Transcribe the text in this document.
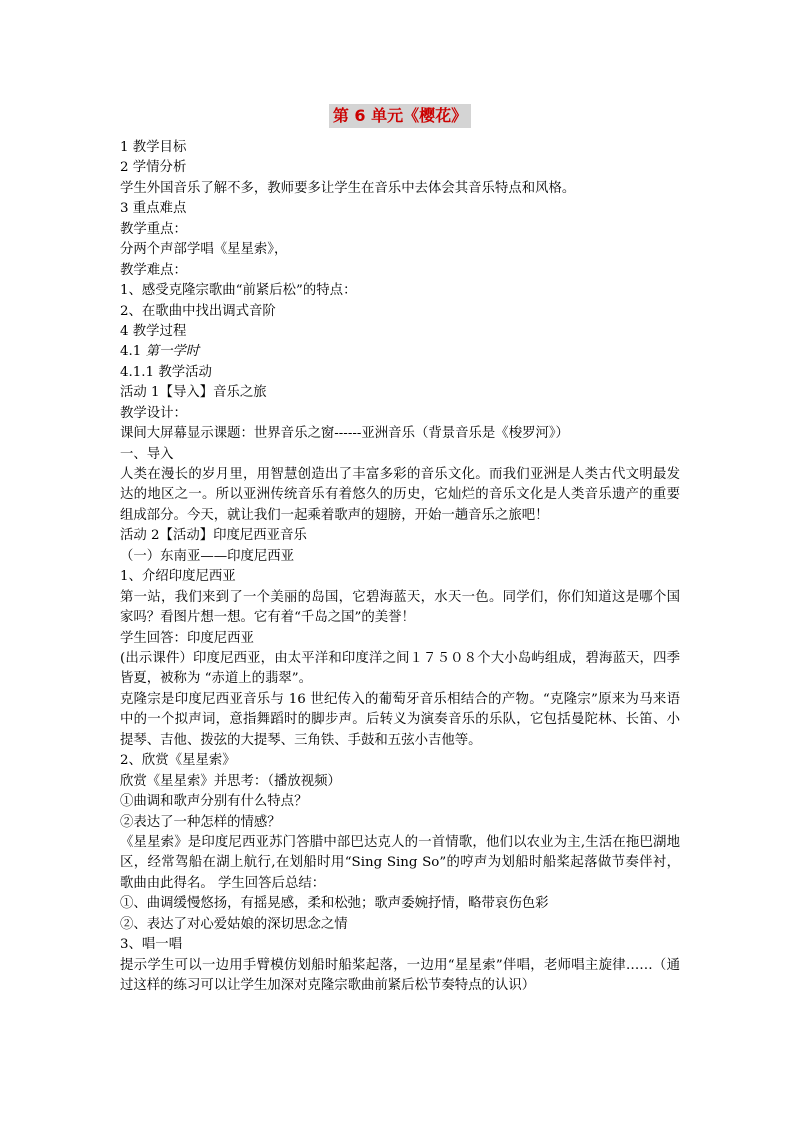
第 6 单元《樱花》
1 教学目标
2 学情分析
学生外国音乐了解不多，教师要多让学生在音乐中去体会其音乐特点和风格。
3 重点难点
教学重点：
分两个声部学唱《星星索》，
教学难点：
1、感受克隆宗歌曲“前紧后松”的特点：
2、在歌曲中找出调式音阶
4 教学过程
4.1 第一学时
4.1.1 教学活动
活动 1【导入】音乐之旅
教学设计：
课间大屏幕显示课题：世界音乐之窗------亚洲音乐（背景音乐是《梭罗河》）
一、导入
人类在漫长的岁月里，用智慧创造出了丰富多彩的音乐文化。而我们亚洲是人类古代文明最发达的地区之一。所以亚洲传统音乐有着悠久的历史，它灿烂的音乐文化是人类音乐遗产的重要组成部分。今天，就让我们一起乘着歌声的翅膀，开始一趟音乐之旅吧！
活动 2【活动】印度尼西亚音乐
（一）东南亚——印度尼西亚
1、介绍印度尼西亚
第一站，我们来到了一个美丽的岛国，它碧海蓝天，水天一色。同学们，你们知道这是哪个国家吗？看图片想一想。它有着“千岛之国”的美誉！
学生回答：印度尼西亚
(出示课件）印度尼西亚，由太平洋和印度洋之间１７５０８个大小岛屿组成，碧海蓝天，四季皆夏，被称为 “赤道上的翡翠”。
克隆宗是印度尼西亚音乐与 16 世纪传入的葡萄牙音乐相结合的产物。“克隆宗”原来为马来语中的一个拟声词，意指舞蹈时的脚步声。后转义为演奏音乐的乐队，它包括曼陀林、长笛、小提琴、吉他、拨弦的大提琴、三角铁、手鼓和五弦小吉他等。
2、欣赏《星星索》
欣赏《星星索》并思考：（播放视频）
①曲调和歌声分别有什么特点？
②表达了一种怎样的情感？
《星星索》是印度尼西亚苏门答腊中部巴达克人的一首情歌，他们以农业为主,生活在拖巴湖地区，经常驾船在湖上航行,在划船时用“Sing Sing So”的哼声为划船时船桨起落做节奏伴衬，歌曲由此得名。 学生回答后总结：
①、曲调缓慢悠扬，有摇晃感，柔和松弛；歌声委婉抒情，略带哀伤色彩
②、表达了对心爱姑娘的深切思念之情
3、唱一唱
提示学生可以一边用手臂模仿划船时船桨起落，一边用“星星索”伴唱，老师唱主旋律……（通过这样的练习可以让学生加深对克隆宗歌曲前紧后松节奏特点的认识）
